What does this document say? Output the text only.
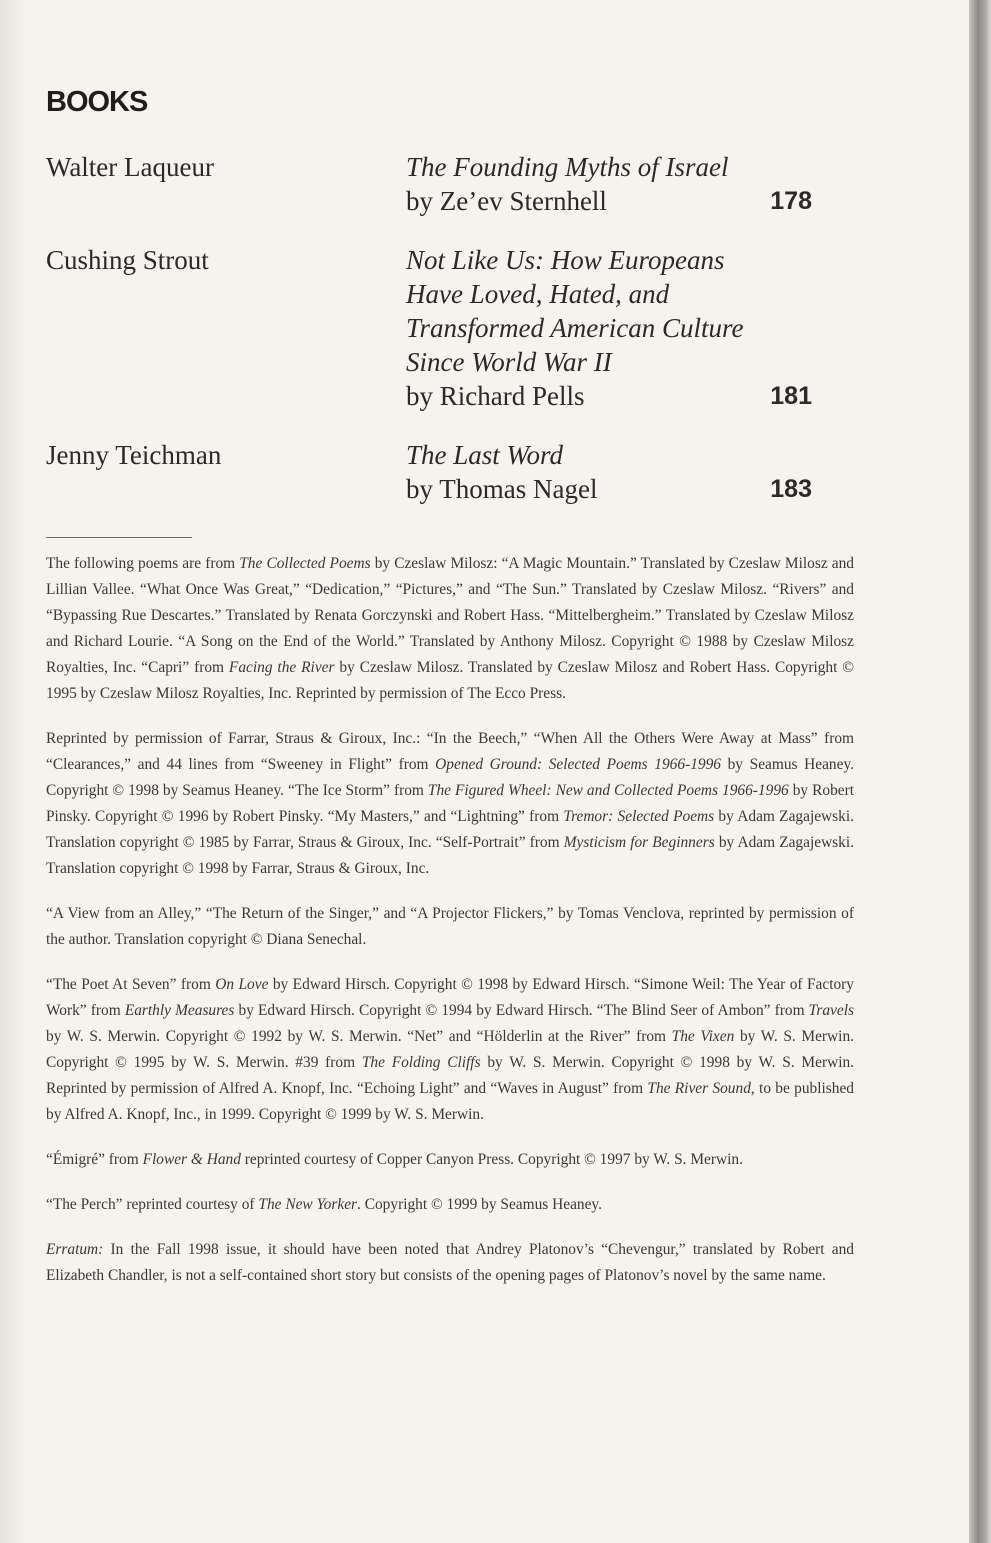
BOOKS
Walter Laqueur	The Founding Myths of Israel
by Ze’ev Sternhell	178
Cushing Strout	Not Like Us: How Europeans
Have Loved, Hated, and
Transformed American Culture
Since World War II
by Richard Pells	181
Jenny Teichman	The Last Word
by Thomas Nagel	183

The following poems are from The Collected Poems by Czeslaw Milosz: “A Magic Mountain.” Translated by Czeslaw Milosz and Lillian Vallee. “What Once Was Great,” “Dedication,” “Pictures,” and “The Sun.” Translated by Czeslaw Milosz. “Rivers” and “Bypassing Rue Descartes.” Translated by Renata Gorczynski and Robert Hass. “Mittelbergheim.” Translated by Czeslaw Milosz and Richard Lourie. “A Song on the End of the World.” Translated by Anthony Milosz. Copyright © 1988 by Czeslaw Milosz Royalties, Inc. “Capri” from Facing the River by Czeslaw Milosz. Translated by Czeslaw Milosz and Robert Hass. Copyright © 1995 by Czeslaw Milosz Royalties, Inc. Reprinted by permission of The Ecco Press.

Reprinted by permission of Farrar, Straus & Giroux, Inc.: “In the Beech,” “When All the Others Were Away at Mass” from “Clearances,” and 44 lines from “Sweeney in Flight” from Opened Ground: Selected Poems 1966-1996 by Seamus Heaney. Copyright © 1998 by Seamus Heaney. “The Ice Storm” from The Figured Wheel: New and Collected Poems 1966-1996 by Robert Pinsky. Copyright © 1996 by Robert Pinsky. “My Masters,” and “Lightning” from Tremor: Selected Poems by Adam Zagajewski. Translation copyright © 1985 by Farrar, Straus & Giroux, Inc. “Self-Portrait” from Mysticism for Beginners by Adam Zagajewski. Translation copyright © 1998 by Farrar, Straus & Giroux, Inc.

“A View from an Alley,” “The Return of the Singer,” and “A Projector Flickers,” by Tomas Venclova, reprinted by permission of the author. Translation copyright © Diana Senechal.

“The Poet At Seven” from On Love by Edward Hirsch. Copyright © 1998 by Edward Hirsch. “Simone Weil: The Year of Factory Work” from Earthly Measures by Edward Hirsch. Copyright © 1994 by Edward Hirsch. “The Blind Seer of Ambon” from Travels by W. S. Merwin. Copyright © 1992 by W. S. Merwin. “Net” and “Hölderlin at the River” from The Vixen by W. S. Merwin. Copyright © 1995 by W. S. Merwin. #39 from The Folding Cliffs by W. S. Merwin. Copyright © 1998 by W. S. Merwin. Reprinted by permission of Alfred A. Knopf, Inc. “Echoing Light” and “Waves in August” from The River Sound, to be published by Alfred A. Knopf, Inc., in 1999. Copyright © 1999 by W. S. Merwin.

“Émigré” from Flower & Hand reprinted courtesy of Copper Canyon Press. Copyright © 1997 by W. S. Merwin.

“The Perch” reprinted courtesy of The New Yorker. Copyright © 1999 by Seamus Heaney.

Erratum: In the Fall 1998 issue, it should have been noted that Andrey Platonov’s “Chevengur,” translated by Robert and Elizabeth Chandler, is not a self-contained short story but consists of the opening pages of Platonov’s novel by the same name.
